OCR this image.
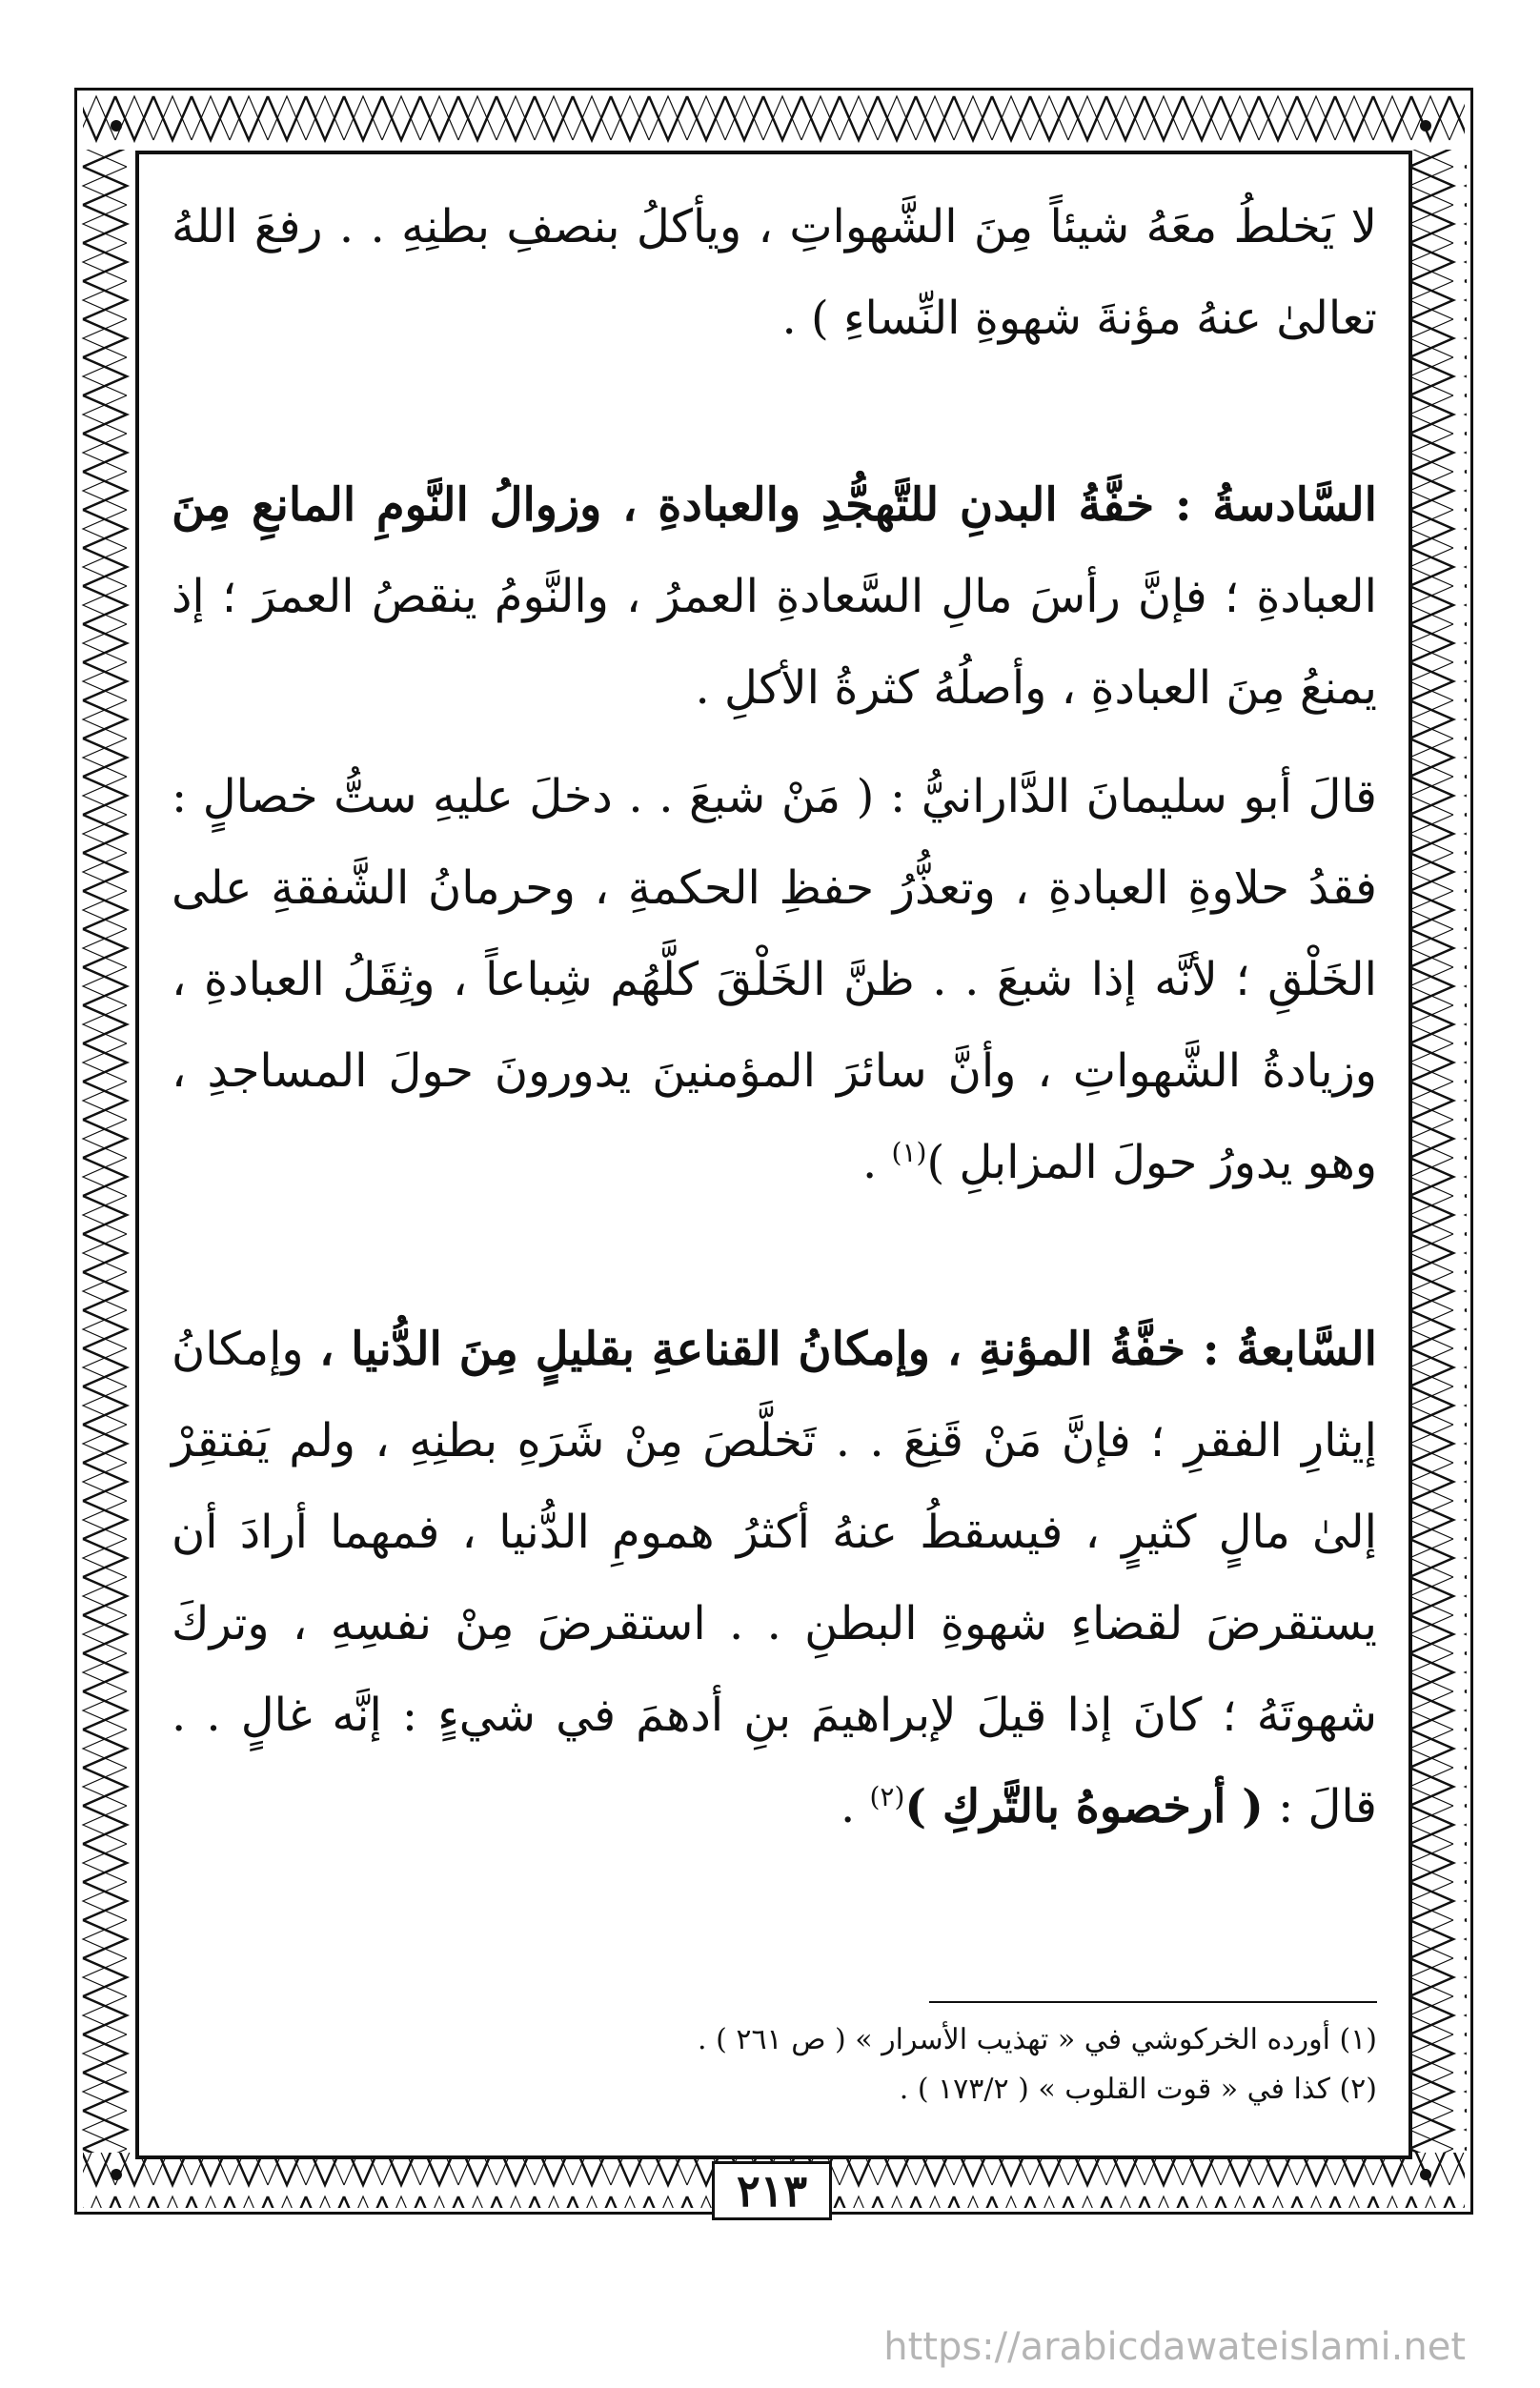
لا يَخلطُ معَهُ شيئاً مِنَ الشَّهواتِ ، ويأكلُ بنصفِ بطنِهِ . . رفعَ اللهُ تعالىٰ عنهُ مؤنةَ شهوةِ النِّساءِ ) .

السَّادسةُ : خفَّةُ البدنِ للتَّهجُّدِ والعبادةِ ، وزوالُ النَّومِ المانعِ مِنَ العبادةِ ؛ فإنَّ رأسَ مالِ السَّعادةِ العمرُ ، والنَّومُ ينقصُ العمرَ ؛ إذ يمنعُ مِنَ العبادةِ ، وأصلُهُ كثرةُ الأكلِ .

قالَ أبو سليمانَ الدَّارانيُّ : ( مَنْ شبعَ . . دخلَ عليهِ ستُّ خصالٍ : فقدُ حلاوةِ العبادةِ ، وتعذُّرُ حفظِ الحكمةِ ، وحرمانُ الشَّفقةِ على الخَلْقِ ؛ لأنَّه إذا شبعَ . . ظنَّ الخَلْقَ كلَّهُم شِباعاً ، وثِقَلُ العبادةِ ، وزيادةُ الشَّهواتِ ، وأنَّ سائرَ المؤمنينَ يدورونَ حولَ المساجدِ ، وهو يدورُ حولَ المزابلِ )$^{(١)}$ .

السَّابعةُ : خفَّةُ المؤنةِ ، وإمكانُ القناعةِ بقليلٍ مِنَ الدُّنيا ، وإمكانُ إيثارِ الفقرِ ؛ فإنَّ مَنْ قَنِعَ . . تَخلَّصَ مِنْ شَرَهِ بطنِهِ ، ولم يَفتقِرْ إلىٰ مالٍ كثيرٍ ، فيسقطُ عنهُ أكثرُ همومِ الدُّنيا ، فمهما أرادَ أن يستقرضَ لقضاءِ شهوةِ البطنِ . . استقرضَ مِنْ نفسِهِ ، وتركَ شهوتَهُ ؛ كانَ إذا قيلَ لإبراهيمَ بنِ أدهمَ في شيءٍ : إنَّه غالٍ . . قالَ : ( أرخصوهُ بالتَّركِ )$^{(٢)}$ .

(١) أورده الخركوشي في « تهذيب الأسرار » ( ص ٢٦١ ) .

(٢) كذا في « قوت القلوب » ( ١٧٣/٢ ) .

٢١٣
https://arabicdawateislami.net
